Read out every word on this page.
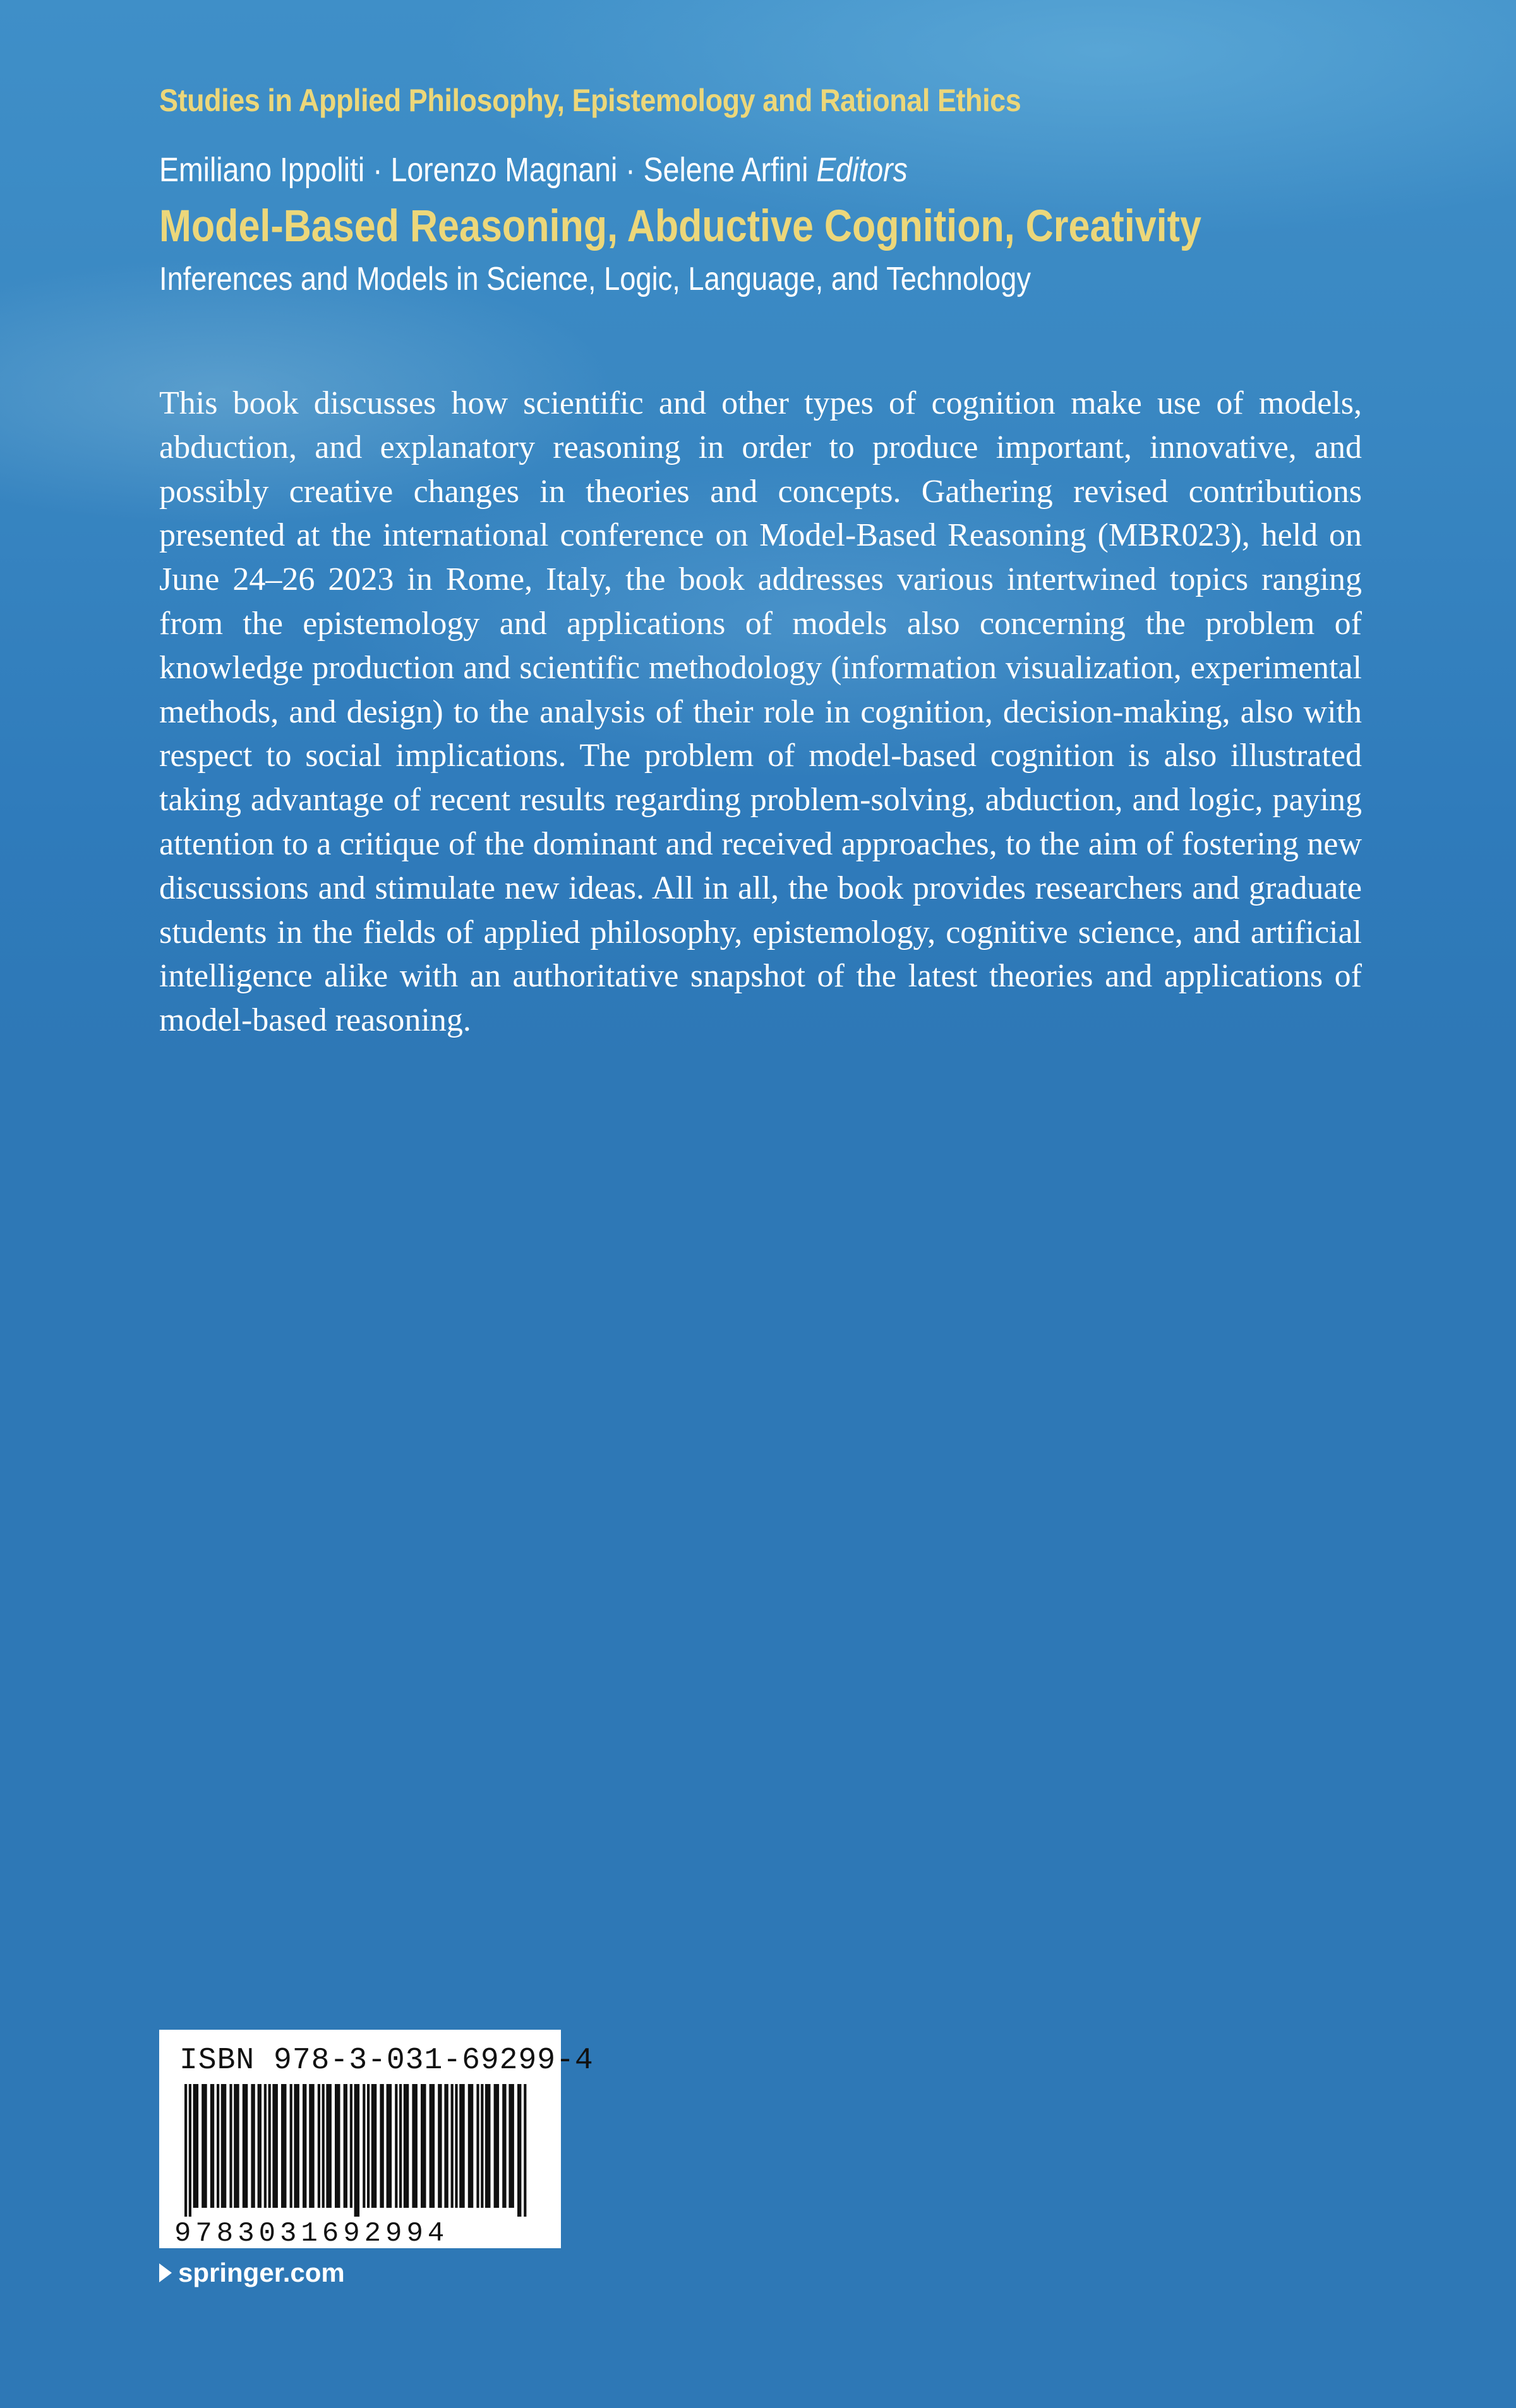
Studies in Applied Philosophy, Epistemology and Rational Ethics
Emiliano Ippoliti · Lorenzo Magnani · Selene Arfini Editors
Model-Based Reasoning, Abductive Cognition, Creativity
Inferences and Models in Science, Logic, Language, and Technology

This book discusses how scientific and other types of cognition make use of models, abduction, and explanatory reasoning in order to produce important, innovative, and possibly creative changes in theories and concepts. Gathering revised contributions presented at the international conference on Model-Based Reasoning (MBR023), held on June 24–26 2023 in Rome, Italy, the book addresses various intertwined topics ranging from the epistemology and applications of models also concerning the problem of knowledge production and scientific methodology (information visualization, experimental methods, and design) to the analysis of their role in cognition, decision-making, also with respect to social implications. The problem of model-based cognition is also illustrated taking advantage of recent results regarding problem-solving, abduction, and logic, paying attention to a critique of the dominant and received approaches, to the aim of fostering new discussions and stimulate new ideas. All in all, the book provides researchers and graduate students in the fields of applied philosophy, epistemology, cognitive science, and artificial intelligence alike with an authoritative snapshot of the latest theories and applications of model-based reasoning.

ISBN 978-3-031-69299-4
9783031692994
springer.com
